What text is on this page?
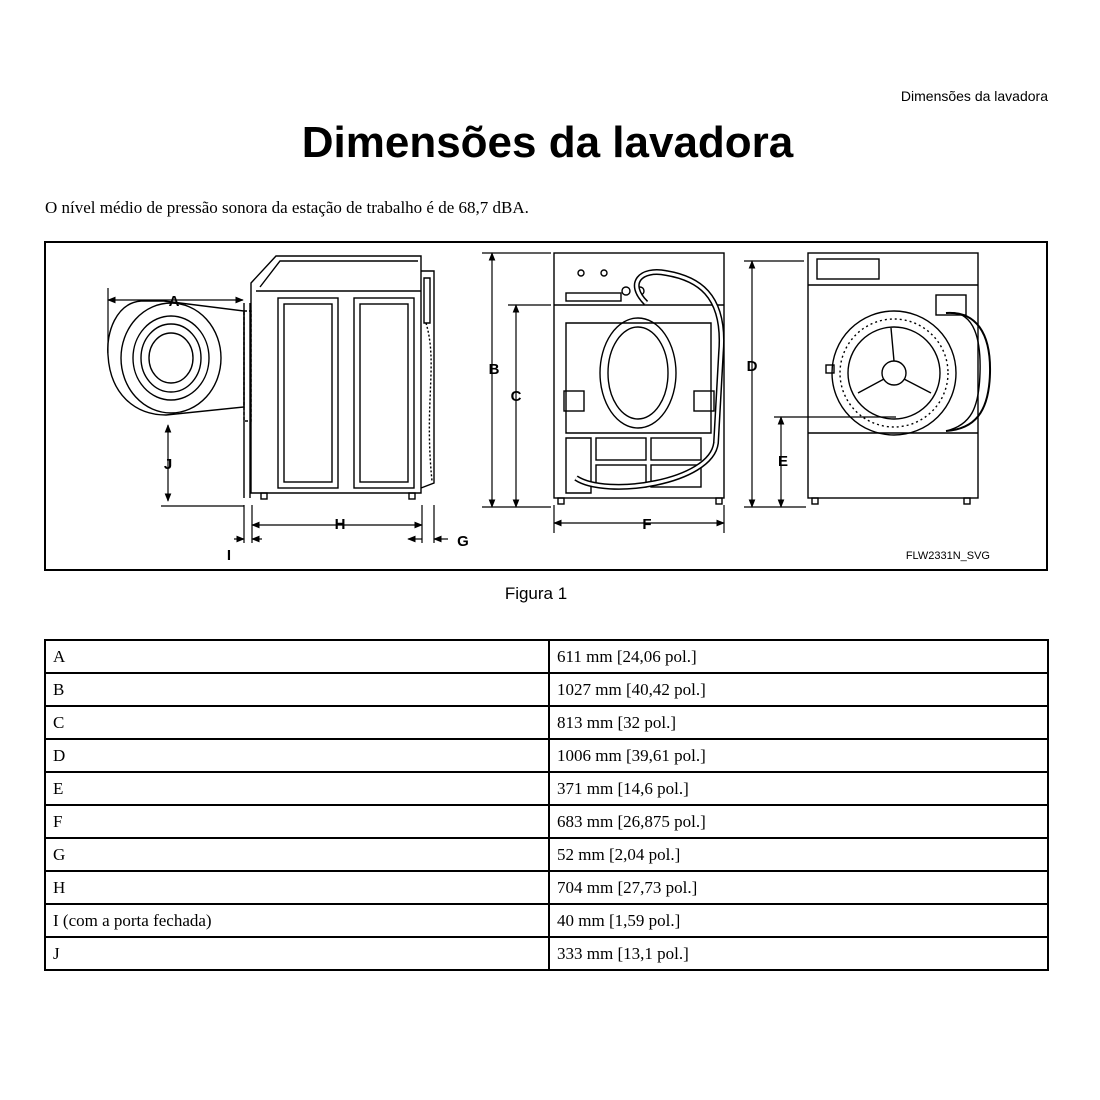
Dimensões da lavadora
Dimensões da lavadora

O nível médio de pressão sonora da estação de trabalho é de 68,7 dBA.

A
J
B
C
D
E
F
G
H
I	FLW2331N_SVG
Figura 1
A	611 mm [24,06 pol.]
B	1027 mm [40,42 pol.]
C	813 mm [32 pol.]
D	1006 mm [39,61 pol.]
E	371 mm [14,6 pol.]
F	683 mm [26,875 pol.]
G	52 mm [2,04 pol.]
H	704 mm [27,73 pol.]
I (com a porta fechada)	40 mm [1,59 pol.]
J	333 mm [13,1 pol.]
